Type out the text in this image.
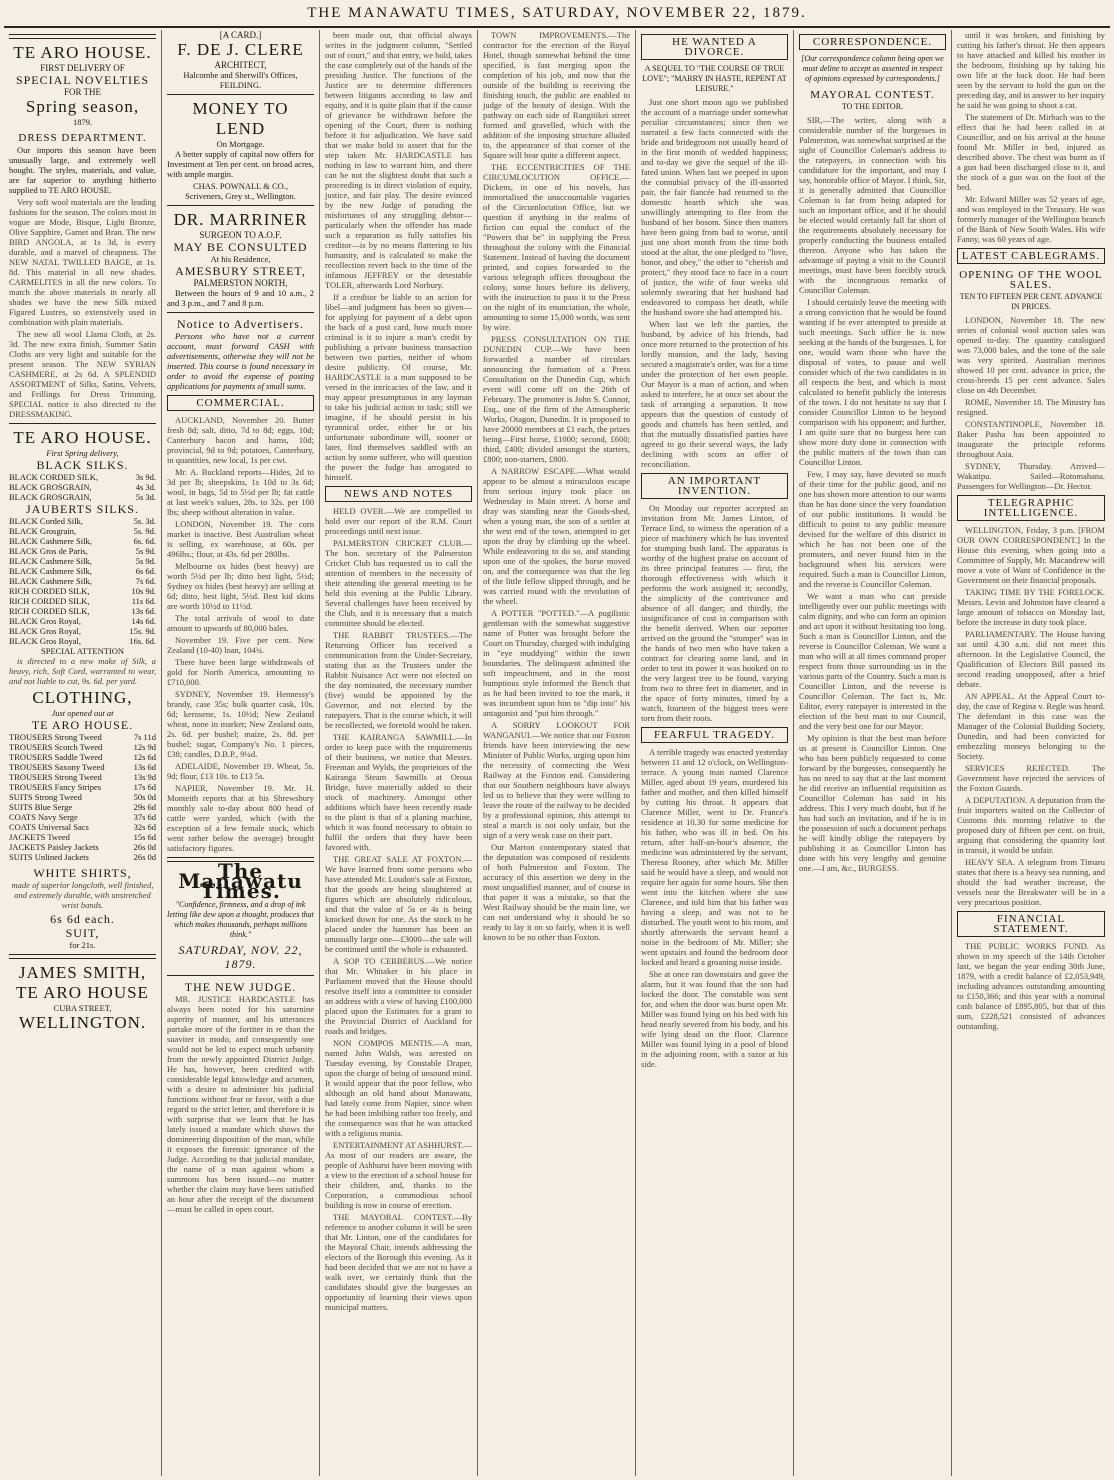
THE MANAWATU TIMES, SATURDAY, NOVEMBER 22, 1879.
TE ARO HOUSE.
FIRST DELIVERY OF
SPECIAL NOVELTIES
FOR THE
Spring season,
1879.
DRESS DEPARTMENT.

Our imports this season have been unusually large, and extremely well bought. The styles, materials, and value, are far superior to anything hitherto supplied to TE ARO HOUSE.

Very soft wool materials are the leading fashions for the season. The colors most in vogue are Mode, Bisque, Light Bronze, Olive Sapphire, Garnet and Bran. The new BIRD ANGOLA, at 1s 3d, is every durable, and a marvel of cheapness. The NEW NATAL TWILLED BAIGE, at 1s. 8d. This material in all new shades. CARMELITES in all the new colors. To match the above materials in nearly all shades we have the new Silk mixed Figured Lustres, so extensively used in combination with plain materials.

The new all wool Llama Cloth, at 2s. 3d. The new extra finish, Summer Satin Cloths are very light and suitable for the present season. The NEW SYRIAN CASHMERE, at 2s 6d. A SPLENDID ASSORTMENT of Silks, Satins, Velvets, and Frillings for Dress Trimming. SPECIAL notice is also directed to the DRESSMAKING.

TE ARO HOUSE.
First Spring delivery,
BLACK SILKS.
BLACK CORDED SILK,	3s 9d.
BLACK GROSGRAIN,	4s 3d.
BLACK GROSGRAIN,	5s 3d.
JAUBERTS SILKS.
BLACK Corded Silk,	5s. 3d.
BLACK Grosgrain,	5s. 9d.
BLACK Cashmere Silk,	6s. 6d.
BLACK Gros de Paris,	5s 9d.
BLACK Cashmere Silk,	5s 9d.
BLACK Cashmere Silk,	6s 6d.
BLACK Cashmere Silk,	7s 6d.
RICH CORDED SILK,	10s 9d.
RICH CORDED SILK,	11s 6d.
RICH CORDED SILK,	13s 6d.
BLACK Gros Royal,	14s 6d.
BLACK Gros Royal,	15s. 9d.
BLACK Gros Royal,	16s. 6d.
SPECIAL ATTENTION

is directed to a new make of Silk, a heavy, rich, Soft Cord, warranted to wear, and not liable to cut, 9s. 6d. per yard.

CLOTHING,
Just opened out at
TE ARO HOUSE.
TROUSERS Strong Tweed	7s 11d
TROUSERS Scotch Tweed	12s 9d
TROUSERS Saddle Tweed	12s 6d
TROUSERS Saxony Tweed	13s 6d
TROUSERS Strong Tweed	13s 9d
TROUSERS Fancy Stripes	17s 6d
SUITS Strong Tweed	50s 0d
SUITS Blue Serge	29s 6d
COATS Navy Serge	37s 6d
COATS Universal Sacs	32s 6d
JACKETS Tweed	15s 6d
JACKETS Paisley Jackets	26s 0d
SUITS Unlined Jackets	26s 0d
WHITE SHIRTS,

made of superior longcloth, well finished, and extremely durable, with unstretched wrist bands.

6s 6d each.
SUIT,
for 21s.
JAMES SMITH,
TE ARO HOUSE
CUBA STREET,
WELLINGTON.
[A CARD.]
F. DE J. CLERE
ARCHITECT,
Halcombe and Sherwill's Offices, FEILDING.
MONEY TO LEND
On Mortgage.

A better supply of capital now offers for Investment at Ten per cent. on broad acres, with ample margin.

CHAS. POWNALL & CO.,
Scriveners, Grey st., Wellington.
DR. MARRINER
SURGEON TO A.O.F.
MAY BE CONSULTED
At his Residence,
AMESBURY STREET,
PALMERSTON NORTH,

Between the hours of 9 and 10 a.m., 2 and 3 p.m., and 7 and 8 p.m.

Notice to Advertisers.

Persons who have not a current account, must forward CASH with advertisements, otherwise they will not be inserted. This course is found necessary in order to avoid the expense of posting applications for payments of small sums.

COMMERCIAL.

AUCKLAND, November 20. Butter fresh 8d; salt, ditto, 7d to 8d; eggs, 10d; Canterbury bacon and hams, 10d; provincial, 9d to 9d; potatoes, Canterbury, in quantities, new local, 1s per cwt.

Mr. A. Buckland reports—Hides, 2d to 3d per lb; sheepskins, 1s 10d to 3s 6d; wool, in bags, 5d to 5½d per lb; fat cattle at last week's values, 28s. to 32s. per 100 lbs; sheep without alteration in value.

LONDON, November 19. The corn market is inactive. Best Australian wheat is selling, ex warehouse, at 60s. per 496lbs.; flour, at 43s. 6d per 280lbs.

Melbourne ox hides (best heavy) are worth 5½d per lb; ditto best light, 5½d; Sydney ox hides (best heavy) are selling at 6d; ditto, best light, 5½d. Best kid skins are worth 10½d to 11½d.

The total arrivals of wool to date amount to upwards of 80,000 bales.

November 19. Five per cent. New Zealand (10-40) loan, 104¾.

There have been large withdrawals of gold for North America, amounting to £710,000.

SYDNEY, November 19. Hennessy's brandy, case 35s; bulk quarter cask, 10s. 6d; kerosene, 1s. 10½d; New Zealand wheat, none in market; New Zealand oats, 2s. 6d. per bushel; maize, 2s. 8d. per bushel; sugar, Company's No. 1 pieces, £38; candles, D.B.P., 9¼d.

ADELAIDE, November 19. Wheat, 5s. 9d; flour, £13 10s. to £13 5s.

NAPIER, November 19. Mr. H. Monteith reports that at his Shrewsbury monthly sale to-day about 800 head of cattle were yarded, which (with the exception of a few female stock, which went rather below the average) brought satisfactory figures.

The Manawatu Times.
"Confidence, firmness, and a drop of ink letting like dew upon a thought, produces that which makes thousands, perhaps millions think."
SATURDAY, NOV. 22, 1879.
THE NEW JUDGE.

MR. JUSTICE HARDCASTLE has always been noted for his saturnine asperity of manner, and his utterances partake more of the fortiter in re than the suaviter in modo, and consequently one would not be led to expect much urbanity from the newly appointed District Judge. He has, however, been credited with considerable legal knowledge and acumen, with a desire to administer his judicial functions without fear or favor, with a due regard to the strict letter, and therefore it is with surprise that we learn that he has lately issued a mandate which shows the domineering disposition of the man, while it exposes the forensic ignorance of the Judge. According to that judicial mandate, the name of a man against whom a summons has been issued—no matter whether the claim may have been satisfied an hour after the receipt of the document—must be called in open court.

been made out, that official always writes in the judgment column, "Settled out of court," and that entry, we hold, takes the case completely out of the hands of the presiding Justice. The functions of the Justice are to determine differences between litigants according to law and equity, and it is quite plain that if the cause of grievance be withdrawn before the opening of the Court, there is nothing before it for adjudication. We have said that we make bold to assert that for the step taken Mr. HARDCASTLE has nothing in law to warrant him, and there can be not the slightest doubt that such a proceeding is in direct violation of equity, justice, and fair play. The desire evinced by the new Judge of parading the misfortunes of any struggling debtor—particularly when the offender has made such a reparation as fully satisfies his creditor—is by no means flattering to his humanity, and is calculated to make the recollection revert back to the time of the infamous JEFFREY or the detestable TOLER, afterwards Lord Norbury.

If a creditor be liable to an action for libel—and judgment has been so given—for applying for payment of a debt upon the back of a post card, how much more criminal is it to injure a man's credit by publishing a private business transaction between two parties, neither of whom desire publicity. Of course, Mr. HARDCASTLE is a man supposed to be versed in the intricacies of the law, and it may appear presumptuous in any layman to take his judicial action to task; still we imagine, if he should persist in his tyrannical order, either he or his unfortunate subordinate will, sooner or later, find themselves saddled with an action by some sufferer, who will question the power the Judge has arrogated to himself.

NEWS AND NOTES

HELD OVER.—We are compelled to hold over our report of the R.M. Court proceedings until next issue.

PALMERSTON CRICKET CLUB.—The hon. secretary of the Palmerston Cricket Club has requested us to call the attention of members to the necessity of their attending the general meeting to be held this evening at the Public Library. Several challenges have been received by the Club, and it is necessary that a match committee should be elected.

THE RABBIT TRUSTEES.—The Returning Officer has received a communication from the Under-Secretary, stating that as the Trustees under the Rabbit Nuisance Act were not elected on the day nominated, the necessary number (five) would be appointed by the Governor, and not elected by the ratepayers. That is the course which, it will be recollected, we foretold would be taken.

THE KAIRANGA SAWMILL.—In order to keep pace with the requirements of their business, we notice that Messrs. Freeman and Wylds, the proprietors of the Kairanga Steam Sawmills at Oroua Bridge, have materially added to their stock of machinery. Amongst other additions which have been recently made to the plant is that of a planing machine, which it was found necessary to obtain to fulfil the orders that they have been favored with.

THE GREAT SALE AT FOXTON.—We have learned from some persons who have attended Mr. Loudon's sale at Foxton, that the goods are being slaughtered at figures which are absolutely ridiculous, and that the value of 5s or 4s is being knocked down for one. As the stock to be placed under the hammer has been an unusually large one—£3000—the sale will be continued until the whole is exhausted.

A SOP TO CERBERUS.—We notice that Mr. Whitaker in his place in Parliament moved that the House should resolve itself into a committee to consider an address with a view of having £100,000 placed upon the Estimates for a grant to the Provincial District of Auckland for roads and bridges.

NON COMPOS MENTIS.—A man, named John Walsh, was arrested on Tuesday evening, by Constable Draper, upon the charge of being of unsound mind. It would appear that the poor fellow, who although an old hand about Manawatu, had lately come from Napier, since when he had been imbibing rather too freely, and the consequence was that he was attacked with a religious mania.

ENTERTAINMENT AT ASHHURST.—As most of our readers are aware, the people of Ashhurst have been moving with a view to the erection of a school house for their children, and, thanks to the Corporation, a commodious school building is now in course of erection.

THE MAYORAL CONTEST.—By reference to another column it will be seen that Mr. Linton, one of the candidates for the Mayoral Chair, intends addressing the electors of the Borough this evening. As it had been decided that we are not to have a walk over, we certainly think that the candidates should give the burgesses an opportunity of learning their views upon municipal matters.

TOWN IMPROVEMENTS.—The contractor for the erection of the Royal Hotel, though somewhat behind the time specified, is fast merging upon the completion of his job, and now that the outside of the building is receiving the finishing touch, the public are enabled to judge of the beauty of design. With the pathway on each side of Rangitikei street formed and gravelled, which with the addition of the imposing structure alluded to, the appearance of that corner of the Square will bear quite a different aspect.

THE ECCENTRICITIES OF THE CIRCUMLOCUTION OFFICE.—Dickens, in one of his novels, has immortalised the unaccountable vagaries of the Circumlocution Office, but we question if anything in the realms of fiction can equal the conduct of the "Powers that be" in supplying the Press throughout the colony with the Financial Statement. Instead of having the document printed, and copies forwarded to the various telegraph offices throughout the colony, some hours before its delivery, with the instruction to pass it to the Press on the night of its enunciation, the whole, amounting to some 15,000 words, was sent by wire.

PRESS CONSULTATION ON THE DUNEDIN CUP.—We have been forwarded a number of circulars announcing the formation of a Press Consultation on the Dunedin Cup, which event will come off on the 26th of February. The promoter is John S. Connor, Esq., one of the firm of the Atmospheric Works, Otagon, Dunedin. It is proposed to have 20000 members at £1 each, the prizes being—First horse, £1000; second, £600; third, £400; divided amongst the starters, £800; non-starters, £800.

A NARROW ESCAPE.—What would appear to be almost a miraculous escape from serious injury took place on Wednesday in Main street. A horse and dray was standing near the Goods-shed, when a young man, the son of a settler at the west end of the town, attempted to get upon the dray by climbing up the wheel. While endeavoring to do so, and standing upon one of the spokes, the horse moved on, and the consequence was that the leg of the little fellow slipped through, and he was carried round with the revolution of the wheel.

A POTTER "POTTED."—A pugilistic gentleman with the somewhat suggestive name of Potter was brought before the Court on Thursday, charged with indulging in "eye muddying" within the town boundaries. The delinquent admitted the soft impeachment, and in the most bumptious style informed the Bench that as he had been invited to toe the mark, it was incumbent upon him to "dip into" his antagonist and "put him through."

A SORRY LOOKOUT FOR WANGANUI.—We notice that our Foxton friends have been interviewing the new Minister of Public Works, urging upon him the necessity of connecting the West Railway at the Foxton end. Considering that our Southern neighbours have always led us to believe that they were willing to leave the route of the railway to be decided by a professional opinion, this attempt to steal a march is not only unfair, but the sign of a very weak case on their part.

Our Marton contemporary stated that the deputation was composed of residents of both Palmerston and Foxton. The accuracy of this assertion we deny in the most unqualified manner, and of course in that paper it was a mistake, so that the West Railway should be the main line, we can not understand why it should be so ready to lay it on so fairly, when it is well known to be no other than Foxton.

HE WANTED A DIVORCE.
A SEQUEL TO "THE COURSE OF TRUE LOVE"; "MARRY IN HASTE, REPENT AT LEISURE."

Just one short moon ago we published the account of a marriage under somewhat peculiar circumstances; since then we narrated a few facts connected with the bride and bridegroom not usually heard of in the first month of wedded happiness; and to-day we give the sequel of the ill-fated union. When last we peeped in upon the connubial privacy of the ill-assorted pair, the fair fiancée had returned to the domestic hearth which she was unwillingly attempting to flee from the husband of her bosom. Since then matters have been going from bad to worse, until just one short month from the time both stood at the altar, the one pledged to "love, honor, and obey," the other to "cherish and protect," they stood face to face in a court of justice, the wife of four weeks old solemnly swearing that her husband had endeavored to compass her death, while the husband swore she had attempted his.

When last we left the parties, the husband, by advice of his friends, had once more returned to the protection of his lordly mansion, and the lady, having secured a magistrate's order, was for a time under the protection of her own people. Our Mayor is a man of action, and when asked to interfere, he at once set about the task of arranging a separation. It now appears that the question of custody of goods and chattels has been settled, and that the mutually dissatisfied parties have agreed to go their several ways, the lady declining with scorn an offer of reconciliation.

AN IMPORTANT INVENTION.

On Monday our reporter accepted an invitation from Mr. James Linton, of Terrace End, to witness the operation of a piece of machinery which he has invented for stumping bush land. The apparatus is worthy of the highest praise on account of its three principal features — first, the thorough effectiveness with which it performs the work assigned it; secondly, the simplicity of the contrivance and absence of all danger; and thirdly, the insignificance of cost in comparison with the benefit derived. When our reporter arrived on the ground the "stumper" was in the hands of two men who have taken a contract for clearing some land, and in order to test its power it was hooked on to the very largest tree to be found, varying from two to three feet in diameter, and in the space of forty minutes, timed by a watch, fourteen of the biggest trees were torn from their roots.

FEARFUL TRAGEDY.

A terrible tragedy was enacted yesterday between 11 and 12 o'clock, on Wellington-terrace. A young man named Clarence Miller, aged about 19 years, murdered his father and mother, and then killed himself by cutting his throat. It appears that Clarence Miller, went to Dr. France's residence at 10.30 for some medicine for his father, who was ill in bed. On his return, after half-an-hour's absence, the medicine was administered by the servant, Theresa Rooney, after which Mr. Miller said he would have a sleep, and would not require her again for some hours. She then went into the kitchen where she saw Clarence, and told him that his father was having a sleep, and was not to be disturbed. The youth went to his room, and shortly afterwards the servant heard a noise in the bedroom of Mr. Miller; she went upstairs and found the bedroom door locked and heard a groaning noise inside.

She at once ran downstairs and gave the alarm, but it was found that the son had locked the door. The constable was sent for, and when the door was burst open Mr. Miller was found lying on his bed with his head nearly severed from his body, and his wife lying dead on the floor. Clarence Miller was found lying in a pool of blood in the adjoining room, with a razor at his side.

CORRESPONDENCE.
[Our correspondence column being open we must deline to accept as assented in respect of opinions expressed by correspondents.]
MAYORAL CONTEST.
TO THE EDITOR.

SIR,—The writer, along with a considerable number of the burgesses in Palmerston, was somewhat surprised at the sight of Councillor Coleman's address to the ratepayers, in connection with his candidature for the important, and may I say, honorable office of Mayor. I think, Sir, it is generally admitted that Councillor Coleman is far from being adapted for such an important office, and if he should be elected would certainly fall far short of the requirements absolutely necessary for properly conducting the business entailed thereon. Anyone who has taken the advantage of paying a visit to the Council meetings, must have been forcibly struck with the incongruous remarks of Councillor Coleman.

I should certainly leave the meeting with a strong conviction that he would be found wanting if he ever attempted to preside at such meetings. Such office he is now seeking at the hands of the burgesses. I, for one, would warn those who have the disposal of votes, to pause and well consider which of the two candidates is in all respects the best, and which is most calculated to benefit publicly the interests of the town. I do not hesitate to say that I consider Councillor Linton to be beyond comparison with his opponent; and further, I am quite sure that no burgess here can show more duty done in connection with the public matters of the town than can Councillor Linton.

Few, I may say, have devoted so much of their time for the public good, and no one has shown more attention to our wants than he has done since the very foundation of our public institutions. It would be difficult to point to any public measure devised for the welfare of this district in which he has not been one of the promoters, and never found him in the background when his services were required. Such a man is Councillor Linton, and the reverse is Councillor Coleman.

We want a man who can preside intelligently over our public meetings with calm dignity, and who can form an opinion and act upon it without hesitating too long. Such a man is Councillor Linton, and the reverse is Councillor Coleman. We want a man who will at all times command proper respect from those surrounding us in the various parts of the Country. Such a man is Councillor Linton, and the reverse is Councillor Coleman. The fact is, Mr. Editor, every ratepayer is interested in the election of the best man to our Council, and the very best one for our Mayor.

My opinion is that the best man before us at present is Councillor Linton. One who has been publicly requested to come forward by the burgesses, consequently he has no need to say that at the last moment he did receive an influential requisition as Councillor Coleman has said in his address. This I very much doubt, but if he has had such an invitation, and if he is in the possession of such a document perhaps he will kindly oblige the ratepayers by publishing it as Councillor Linton has done with his very lengthy and genuine one.—I am, &c., BURGESS.

until it was broken, and finishing by cutting his father's throat. He then appears to have attacked and killed his mother in the bedroom, finishing up by taking his own life at the back door. He had been seen by the servant to hold the gun on the preceding day, and in answer to her inquiry he said he was going to shoot a cat.

The statement of Dr. Mirbach was to the effect that he had been called in at Councillor, and on his arrival at the house found Mr. Miller in bed, injured as described above. The chest was burnt as if a gun had been discharged close to it, and the stock of a gun was on the foot of the bed.

Mr. Edward Miller was 52 years of age, and was employed in the Treasury. He was formerly manager of the Wellington branch of the Bank of New South Wales. His wife Fanny, was 60 years of age.

LATEST CABLEGRAMS.
OPENING OF THE WOOL SALES.
TEN TO FIFTEEN PER CENT. ADVANCE IN PRICES.

LONDON, November 18. The new series of colonial wool auction sales was opened to-day. The quantity catalogued was 73,000 bales, and the tone of the sale was very spirited. Australian merinos showed 10 per cent. advance in price, the cross-breeds 15 per cent advance. Sales close on 4th December.

ROME, November 18. The Ministry has resigned.

CONSTANTINOPLE, November 18. Baker Pasha has been appointed to inaugurate the principle reforms throughout Asia.

SYDNEY, Thursday. Arrived—Wakatipu. Sailed—Rotomahana. Passengers for Wellington—Dr. Hector.

TELEGRAPHIC INTELLIGENCE.

WELLINGTON, Friday, 3 p.m. [FROM OUR OWN CORRESPONDENT.] In the House this evening, when going into a Committee of Supply, Mr. Macandrew will move a vote of Want of Confidence in the Government on their financial proposals.

TAKING TIME BY THE FORELOCK. Messrs. Levin and Johnston have cleared a large amount of tobacco on Monday last, before the increase in duty took place.

PARLIAMENTARY. The House having sat until 4.30 a.m. did not meet this afternoon. In the Legislative Council, the Qualification of Electors Bill passed its second reading unopposed, after a brief debate.

AN APPEAL. At the Appeal Court to-day, the case of Regina v. Regle was heard. The defendant in this case was the Manager of the Colonial Building Society, Dunedin, and had been convicted for embezzling moneys belonging to the Society.

SERVICES REJECTED. The Government have rejected the services of the Foxton Guards.

A DEPUTATION. A deputation from the fruit importers waited on the Collector of Customs this morning relative to the proposed duty of fifteen per cent. on fruit, arguing that considering the quantity lost in transit, it would be unfair.

HEAVY SEA. A telegram from Timaru states that there is a heavy sea running, and should the bad weather increase, the vessels near the Breakwater will be in a very precarious position.

FINANCIAL STATEMENT.

THE PUBLIC WORKS FUND. As shown in my speech of the 14th October last, we began the year ending 30th June, 1879, with a credit balance of £2,053,949, including advances outstanding amounting to £150,366; and this year with a nominal cash balance of £895,805, but that of this sum, £228,521 consisted of advances outstanding.
